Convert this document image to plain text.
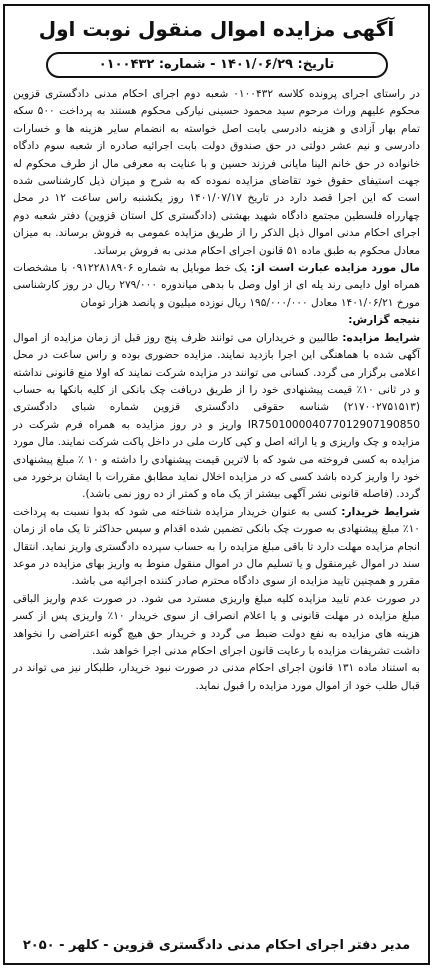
آگهی مزایده اموال منقول نوبت اول
تاریخ: ۱۴۰۱/۰۶/۲۹ - شماره: ۰۱۰۰۴۳۲

در راستای اجرای پرونده کلاسه ۰۱۰۰۴۳۲ شعبه دوم اجرای احکام مدنی دادگستری قزوین محکوم علیهم وراث مرحوم سید محمود حسینی نیارکی محکوم هستند به پرداخت ۵۰۰ سکه تمام بهار آزادی و هزینه دادرسی بابت اصل خواسته به انضمام سایر هزینه ها و خسارات دادرسی و نیم عشر دولتی در حق صندوق دولت بابت اجرائیه صادره از شعبه سوم دادگاه خانواده در حق خانم الینا مایانی فرزند حسین و با عنایت به معرفی مال از طرف محکوم له جهت استیفای حقوق خود تقاضای مزایده نموده که به شرح و میزان ذیل کارشناسی شده است که این اجرا قصد دارد در تاریخ ۱۴۰۱/۰۷/۱۷ روز یکشنبه راس ساعت ۱۲ در محل چهارراه فلسطین مجتمع دادگاه شهید بهشتی (دادگستری کل استان قزوین) دفتر شعبه دوم اجرای احکام مدنی اموال ذیل الذکر را از طریق مزایده عمومی به فروش برساند. به میزان معادل محکوم به طبق ماده ۵۱ قانون اجرای احکام مدنی به فروش برساند.

مال مورد مزایده عبارت است از: یک خط موبایل به شماره ۰۹۱۲۲۸۱۸۹۰۶ با مشخصات همراه اول دایمی رند یله ای از اول وصل با بدهی میاندوره ۲۷۹/۰۰۰ ریال در روز کارشناسی مورخ ۱۴۰۱/۰۶/۲۱ معادل ۱۹۵/۰۰۰/۰۰۰ ریال نوزده میلیون و پانصد هزار تومان

نتیجه گزارش:

شرایط مزایده: طالبین و خریداران می توانند ظرف پنج روز قبل از زمان مزایده از اموال آگهی شده با هماهنگی این اجرا بازدید نمایند. مزایده حضوری بوده و راس ساعت در محل اعلامی برگزار می گردد. کسانی می توانند در مزایده شرکت نمایند که اولا منع قانونی نداشته و در ثانی ۱۰٪ قیمت پیشنهادی خود را از طریق دریافت چک بانکی از کلیه بانکها به حساب (۲۱۷۰۰۲۷۵۱۵۱۳) شناسه حقوقی دادگستری قزوین شماره شبای دادگستری IR750100004077012907190850 واریز و در روز مزایده به همراه فرم شرکت در مزایده و چک واریزی و یا ارائه اصل و کپی کارت ملی در داخل پاکت شرکت نمایند. مال مورد مزایده به کسی فروخته می شود که با لاترین قیمت پیشنهادی را داشته و ۱۰ ٪ مبلغ پیشنهادی خود را واریز کرده باشد کسی که در مزایده اخلال نماید مطابق مقررات با ایشان برخورد می گردد. (فاصله قانونی نشر آگهی بیشتر از یک ماه و کمتر از ده روز نمی باشد).

شرایط خریدار: کسی به عنوان خریدار مزایده شناخته می شود که بدوا نسبت به پرداخت ۱۰٪ مبلغ پیشنهادی به صورت چک بانکی تضمین شده اقدام و سپس حداکثر تا یک ماه از زمان انجام مزایده مهلت دارد تا باقی مبلغ مزایده را به حساب سپرده دادگستری واریز نماید. انتقال سند در اموال غیرمنقول و یا تسلیم مال در اموال منقول منوط به واریز بهای مزایده در موعد مقرر و همچنین تایید مزایده از سوی دادگاه محترم صادر کننده اجرائیه می باشد.

در صورت عدم تایید مزایده کلیه مبلغ واریزی مسترد می شود. در صورت عدم واریز الباقی مبلغ مزایده در مهلت قانونی و یا اعلام انصراف از سوی خریدار ۱۰٪ واریزی پس از کسر هزینه های مزایده به نفع دولت ضبط می گردد و خریدار حق هیچ گونه اعتراضی را نخواهد داشت تشریفات مزایده با رعایت قانون اجرای احکام مدنی اجرا خواهد شد.

به استناد ماده ۱۳۱ قانون اجرای احکام مدنی در صورت نبود خریدار، طلبکار نیز می تواند در قبال طلب خود از اموال مورد مزایده را قبول نماید.

مدیر دفتر اجرای احکام مدنی دادگستری قزوین - کلهر - ۲۰۵۰
